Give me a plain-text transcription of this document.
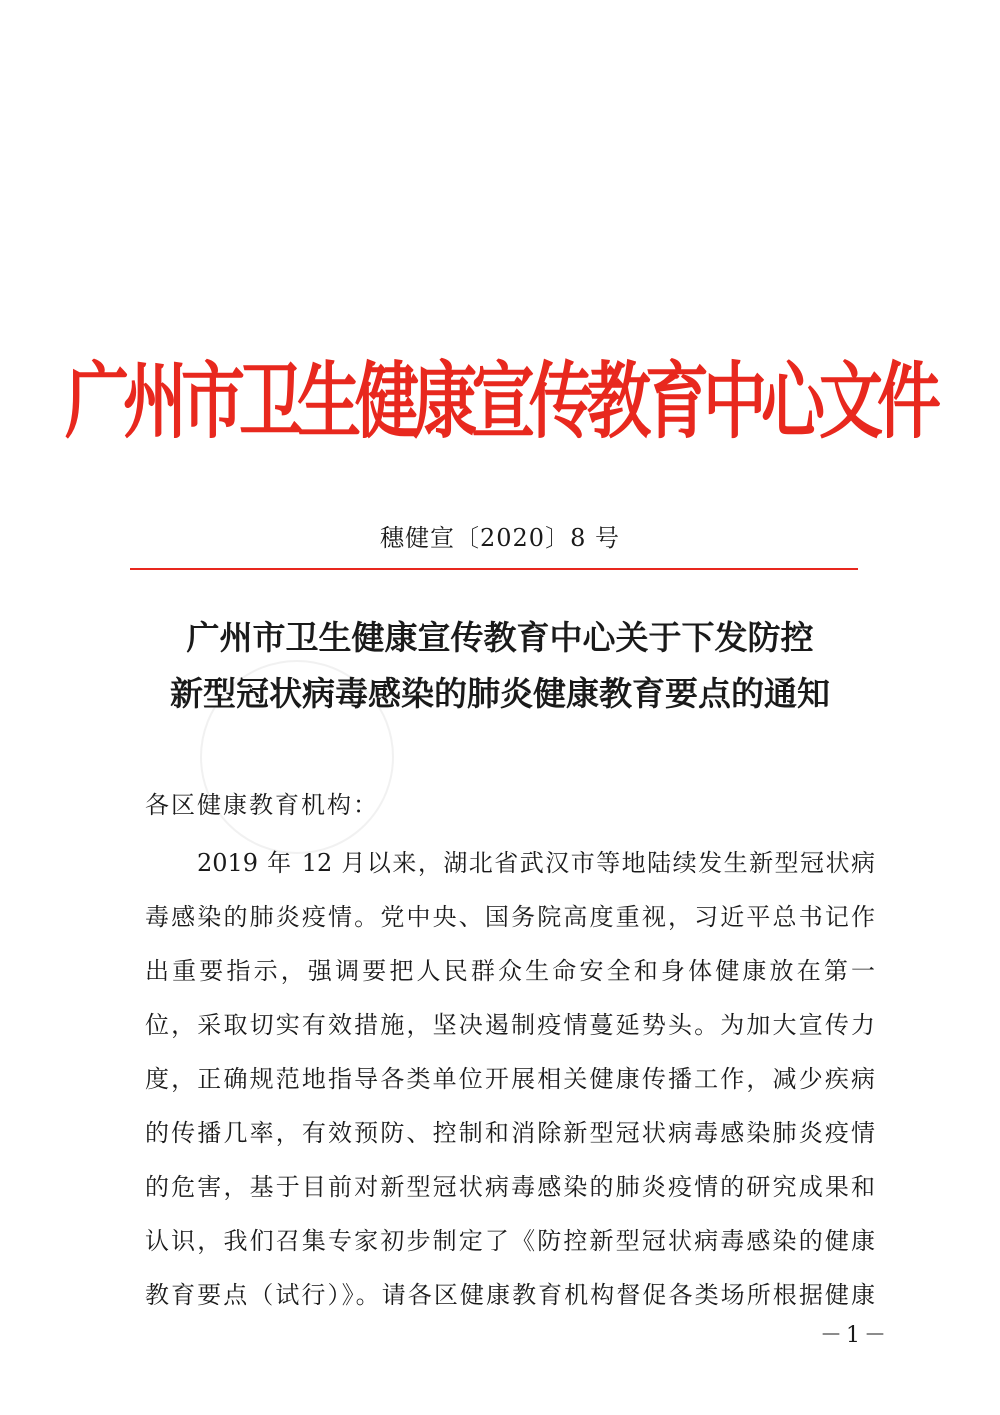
广州市卫生健康宣传教育中心文件
穗健宣〔2020〕8 号
广州市卫生健康宣传教育中心关于下发防控
新型冠状病毒感染的肺炎健康教育要点的通知
各区健康教育机构：
2019 年 12 月以来，湖北省武汉市等地陆续发生新型冠状病
毒感染的肺炎疫情。党中央、国务院高度重视，习近平总书记作
出重要指示，强调要把人民群众生命安全和身体健康放在第一
位，采取切实有效措施，坚决遏制疫情蔓延势头。为加大宣传力
度，正确规范地指导各类单位开展相关健康传播工作，减少疾病
的传播几率，有效预防、控制和消除新型冠状病毒感染肺炎疫情
的危害，基于目前对新型冠状病毒感染的肺炎疫情的研究成果和
认识，我们召集专家初步制定了《防控新型冠状病毒感染的健康
教育要点（试行）》。请各区健康教育机构督促各类场所根据健康
－1－
